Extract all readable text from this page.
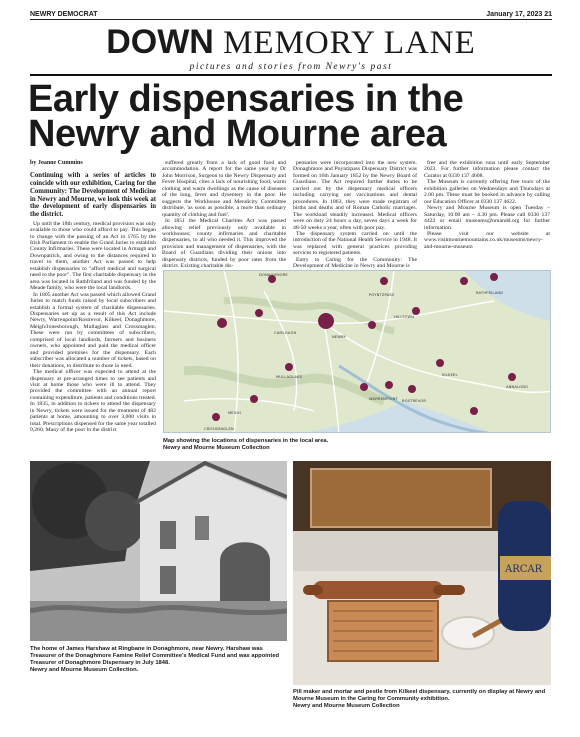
NEWRY DEMOCRAT	January 17, 2023 21
DOWN MEMORY LANE
pictures and stories from Newry's past
Early dispensaries in the
Newry and Mourne area
by Joanne Cummins
Continuing with a series of articles to coincide with our exhibition, Caring for the Community: The Development of Medicine in Newry and Mourne, we look this week at the development of early dispensaries in the district.

Up until the 18th century, medical provision was only available to those who could afford to pay. This began to change with the passing of an Act in 1765 by the Irish Parliament to enable the Grand Juries to establish County Infirmaries. These were located in Armagh and Downpatrick, and owing to the distances required to travel to them, another Act was passed to help establish dispensaries to "afford medical and surgical need to the poor". The first charitable dispensary in the area was located in Rathfriland and was funded by the Meade family, who were the local landlords.

In 1805 another Act was passed which allowed Grand Juries to match funds raised by local subscribers and establish a formal system of charitable dispensaries. Dispensaries set up as a result of this Act include Newry, Warrenpoint/Rostrevor, Kilkeel, Donaghmore, Meigh/Jonesborough, Mullaglass and Crossmaglen. These were run by committees of subscribers, comprised of local landlords, farmers and business owners, who appointed and paid the medical officer and provided premises for the dispensary. Each subscriber was allocated a number of tickets, based on their donations, to distribute to those in need.

The medical officer was expected to attend at the dispensary at pre-arranged times to see patients and visit at home those who were ill to attend. They provided the committee with an annual report containing expenditure, patients and conditions treated. In 1835, in addition to tickets to attend the dispensary in Newry, tickets were issued for the treatment of 482 patients at home, amounting to over 3,000 visits in total. Prescriptions dispensed for the same year totalled 9,260. Many of the poor in the district

suffered greatly from a lack of good food and accommodation. A report for the same year by Dr John Morrison, Surgeon to the Newry Dispensary and Fever Hospital, cites a lack of nourishing food, warm clothing and warm dwellings as the cause of diseases of the lung, fever and dysentery in the poor. He suggests the Workhouse and Mendicity Committee distribute, 'as soon as possible, a more than ordinary quantity of clothing and fuel'.

In 1851 the Medical Charities Act was passed allowing relief previously only available in workhouses; county infirmaries and charitable dispensaries, to all who needed it. This improved the provision and management of dispensaries, with the Board of Guardians dividing their unions into dispensary districts, funded by poor rates from the district. Existing charitable dis-

pensaries were incorporated into the new system. Donaghmore and Poyntzpass Dispensary District was formed on 16th January 1852 by the Newry Board of Guardians. The Act required further duties to be carried out by the dispensary medical officers including carrying out vaccinations and dental procedures. In 1863, they were made registrars of births and deaths and of Roman Catholic marriages. The workload steadily increased. Medical officers were on duty 24 hours a day, seven days a week for 48-50 weeks a year, often with poor pay.

The dispensary system carried on until the introduction of the National Health Service in 1948. It was replaced with general practices providing services to registered patients.

Entry to Caring for the Community: The Development of Medicine in Newry and Mourne is

free and the exhibition runs until early September 2023. For further information please contact the Curator at 0330 137 4608.

The Museum is currently offering free tours of the exhibition galleries on Wednesdays and Thursdays at 2.00 pm. These must be booked in advance by calling our Education Officer at 0330 137 4622.

Newry and Mourne Museum is open Tuesday – Saturday, 10.00 am – 4.30 pm. Please call 0330 137 4422 or email museums@nmandd.org for further information.

Please visit our website at www.visitmournemountains.co.uk/museums/newry-and-mourne-museum

DONAGHMORE
POYNTZPASS	RATHFRILAND
NEWRY
MULLAGLASS
WARRENPOINT ROSTREVOR
KILKEEL
CROSSMAGLEN
ANNALONG
MEIGH
CAMLOUGH
HILLTOWN
Map showing the locations of dispensaries in the local area.
Newry and Mourne Museum Collection
The home of James Harshaw at Ringbane in Donaghmore, near Newry. Harshaw was Treasurer of the Donaghmore Famine Relief Committee's Medical Fund and was appointed Treasurer of Donaghmore Dispensary in July 1848.
Newry and Mourne Museum Collection.
ARCAR
Pill maker and mortar and pestle from Kilkeel dispensary, currently on display at Newry and Mourne Museum in the Caring for Community exhibition.
Newry and Mourne Museum Collection
